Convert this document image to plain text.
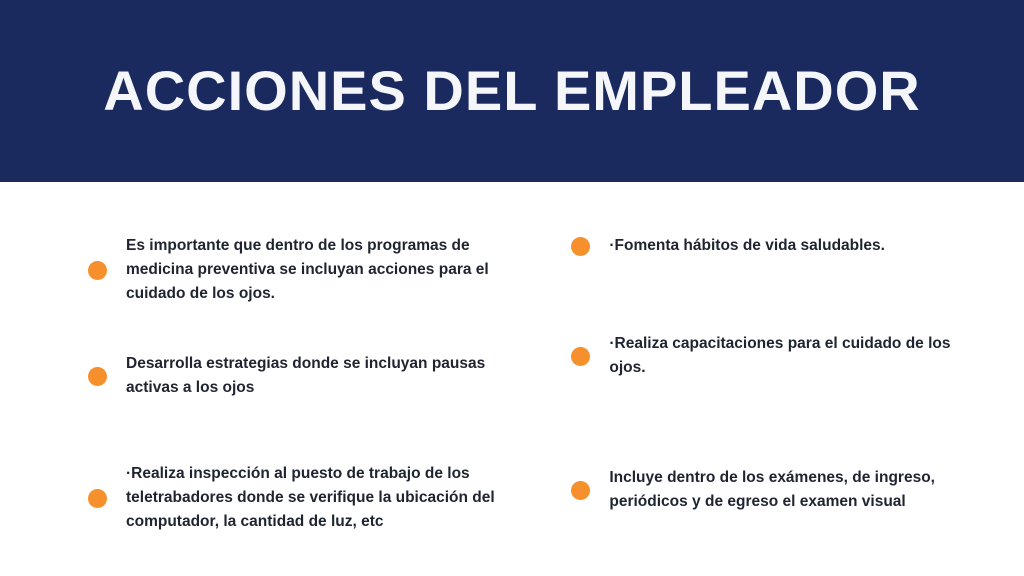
ACCIONES DEL EMPLEADOR
Es importante que dentro de los programas de medicina preventiva se incluyan acciones para el cuidado de los ojos.
Desarrolla estrategias donde se incluyan pausas activas a los ojos
·Realiza inspección al puesto de trabajo de los teletrabadores donde se verifique la ubicación del computador, la cantidad de luz, etc
·Fomenta hábitos de vida saludables.
·Realiza capacitaciones para el cuidado de los ojos.
Incluye dentro de los exámenes, de ingreso, periódicos y de egreso el examen visual
